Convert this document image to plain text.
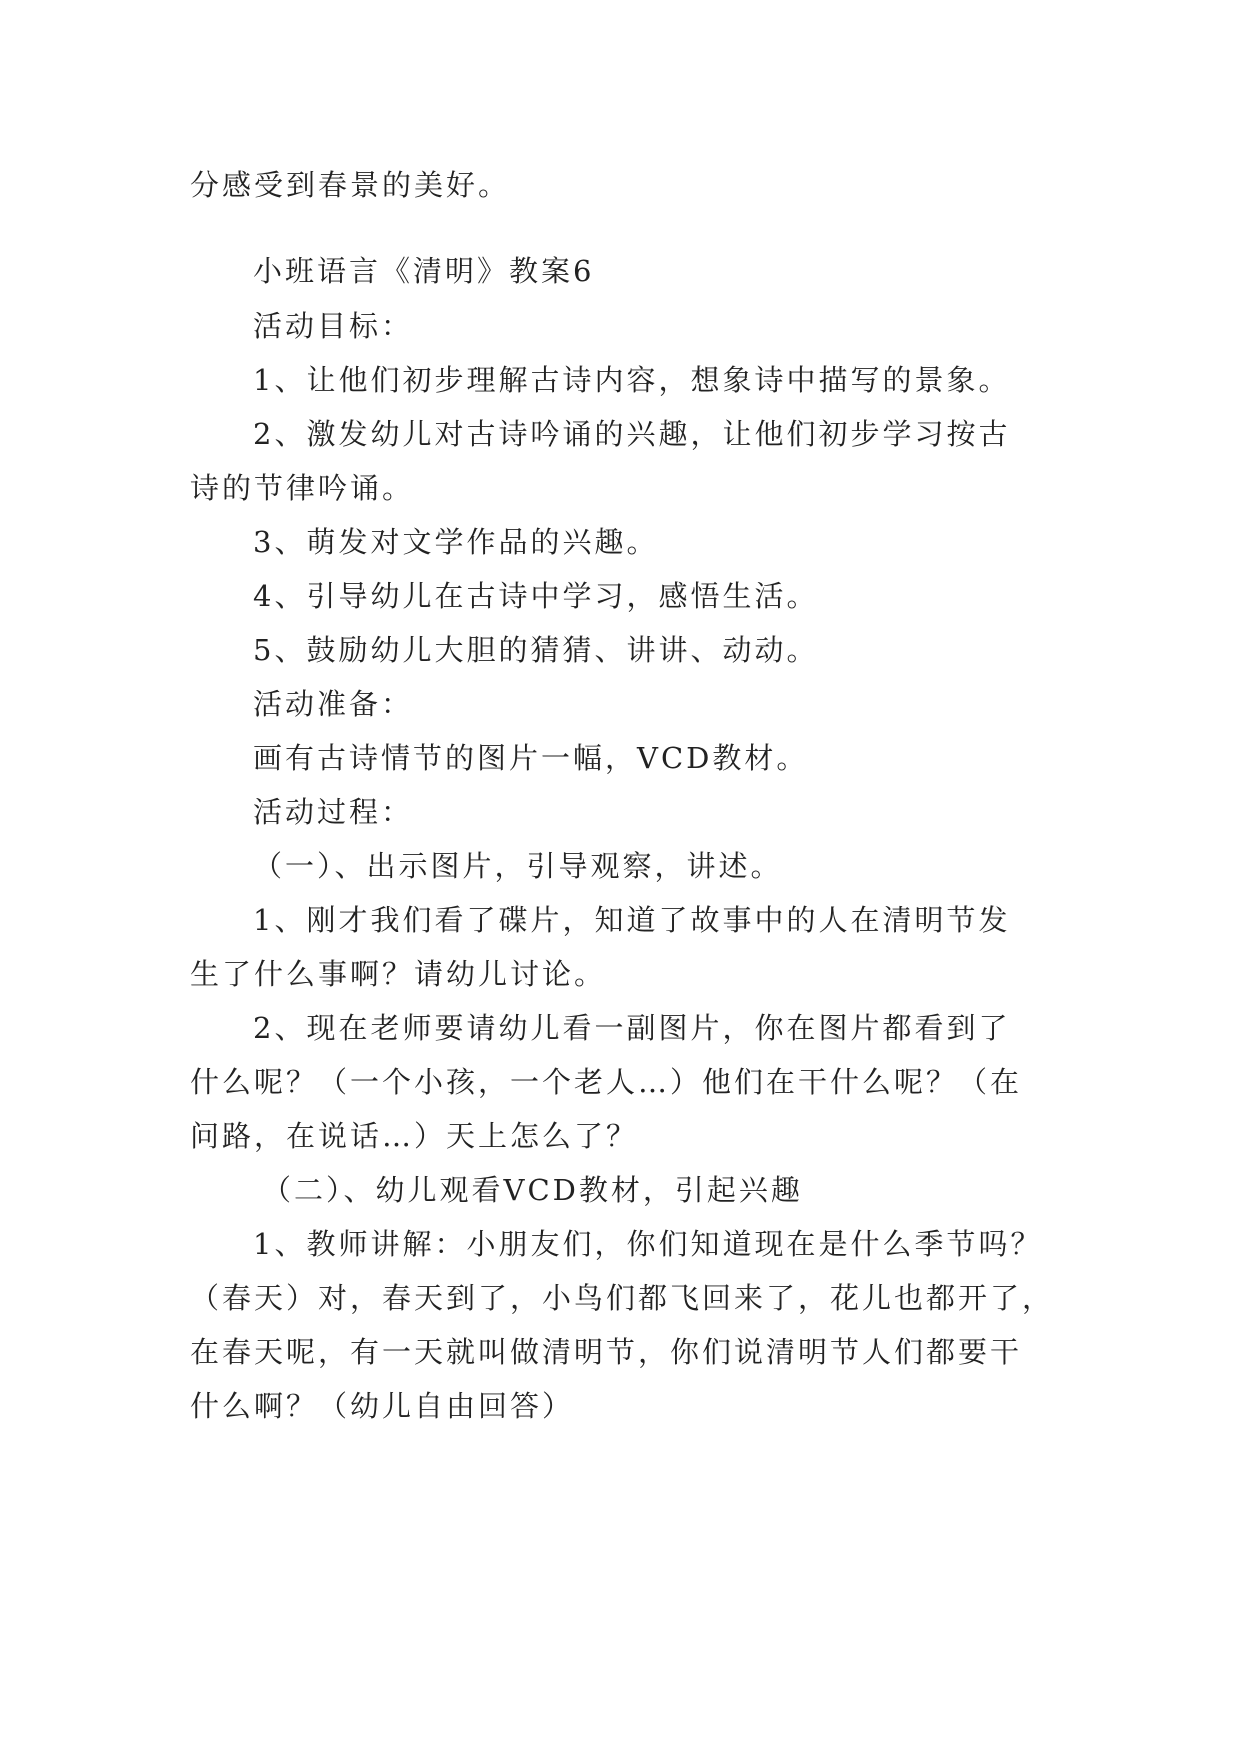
分感受到春景的美好。
小班语言《清明》教案6
活动目标：
1、让他们初步理解古诗内容，想象诗中描写的景象。
2、激发幼儿对古诗吟诵的兴趣，让他们初步学习按古
诗的节律吟诵。
3、萌发对文学作品的兴趣。
4、引导幼儿在古诗中学习，感悟生活。
5、鼓励幼儿大胆的猜猜、讲讲、动动。
活动准备：
画有古诗情节的图片一幅，VCD教材。
活动过程：
（一）、出示图片，引导观察，讲述。
1、刚才我们看了碟片，知道了故事中的人在清明节发
生了什么事啊？请幼儿讨论。
2、现在老师要请幼儿看一副图片，你在图片都看到了
什么呢？（一个小孩，一个老人…）他们在干什么呢？（在
问路，在说话…）天上怎么了？
（二）、幼儿观看VCD教材，引起兴趣
1、教师讲解：小朋友们，你们知道现在是什么季节吗？
（春天）对，春天到了，小鸟们都飞回来了，花儿也都开了，
在春天呢，有一天就叫做清明节，你们说清明节人们都要干
什么啊？（幼儿自由回答）
